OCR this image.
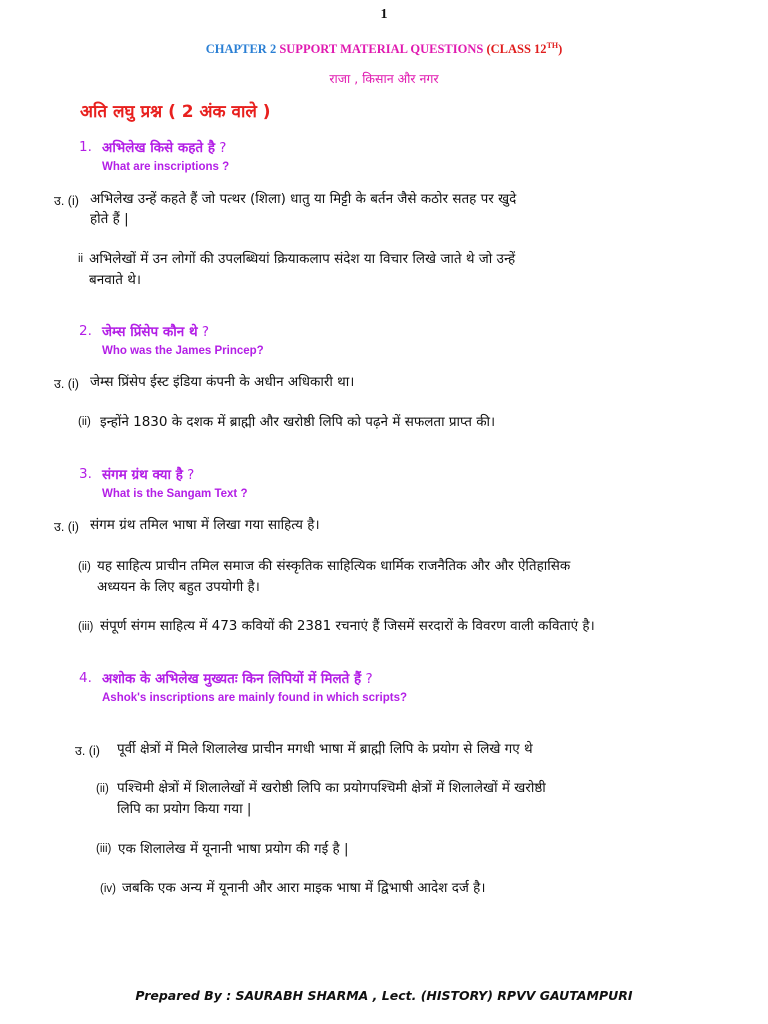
1
CHAPTER 2 SUPPORT MATERIAL QUESTIONS (CLASS 12TH)
राजा , किसान और नगर
अति लघु प्रश्न ( 2 अंक वाले )
1. अभिलेख किसे कहते है ?
What are inscriptions ?
उ. (i) अभिलेख उन्हें कहते हैं जो पत्थर (शिला) धातु या मिट्टी के बर्तन जैसे कठोर सतह पर खुदे
होते हैं |
ii अभिलेखों में उन लोगों की उपलब्धियां क्रियाकलाप संदेश या विचार लिखे जाते थे जो उन्हें
बनवाते थे।
2. जेम्स प्रिंसेप कौन थे ?
Who was the James Princep?
उ. (i) जेम्स प्रिंसेप ईस्ट इंडिया कंपनी के अधीन अधिकारी था।
(ii) इन्होंने 1830 के दशक में ब्राह्मी और खरोष्ठी लिपि को पढ़ने में सफलता प्राप्त की।
3. संगम ग्रंथ क्या है ?
What is the Sangam Text ?
उ. (i) संगम ग्रंथ तमिल भाषा में लिखा गया साहित्य है।
(ii) यह साहित्य प्राचीन तमिल समाज की संस्कृतिक साहित्यिक धार्मिक राजनैतिक और और ऐतिहासिक
अध्ययन के लिए बहुत उपयोगी है।
(iii) संपूर्ण संगम साहित्य में 473 कवियों की 2381 रचनाएं हैं जिसमें सरदारों के विवरण वाली कविताएं है।
4. अशोक के अभिलेख मुख्यतः किन लिपियों में मिलते हैं ?
Ashok's inscriptions are mainly found in which scripts?
उ. (i) पूर्वी क्षेत्रों में मिले शिलालेख प्राचीन मगधी भाषा में ब्राह्मी लिपि के प्रयोग से लिखे गए थे
(ii) पश्चिमी क्षेत्रों में शिलालेखों में खरोष्ठी लिपि का प्रयोगपश्चिमी क्षेत्रों में शिलालेखों में खरोष्ठी
लिपि का प्रयोग किया गया |
(iii) एक शिलालेख में यूनानी भाषा प्रयोग की गई है |
(iv) जबकि एक अन्य में यूनानी और आरा माइक भाषा में द्विभाषी आदेश दर्ज है।
Prepared By : SAURABH SHARMA , Lect. (HISTORY) RPVV GAUTAMPURI
